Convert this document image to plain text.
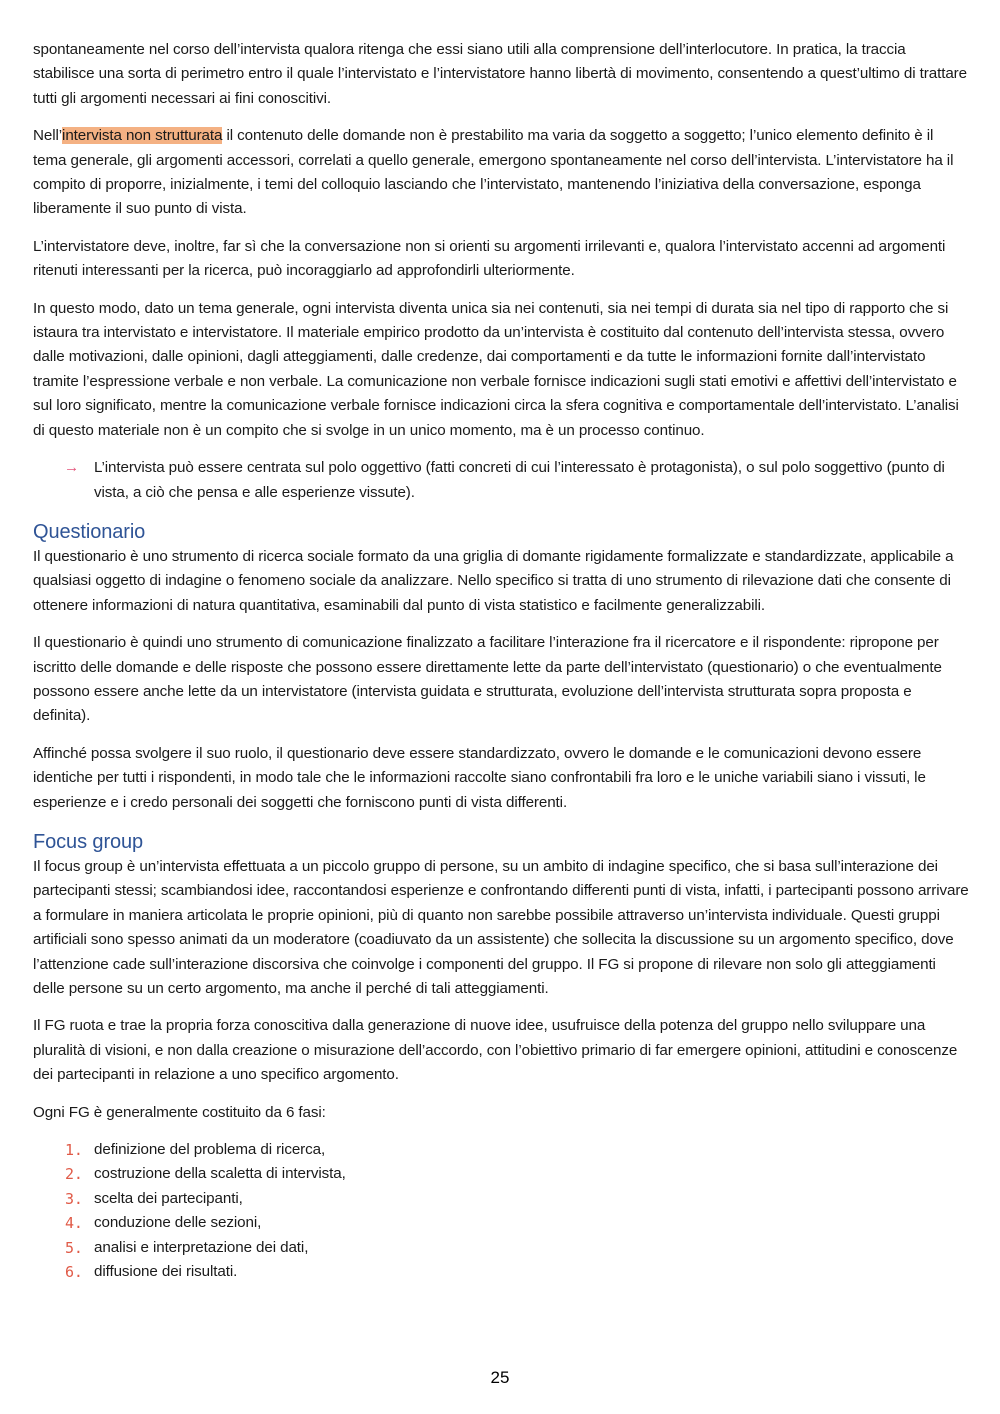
spontaneamente nel corso dell’intervista qualora ritenga che essi siano utili alla comprensione dell’interlocutore. In pratica, la traccia stabilisce una sorta di perimetro entro il quale l’intervistato e l’intervistatore hanno libertà di movimento, consentendo a quest’ultimo di trattare tutti gli argomenti necessari ai fini conoscitivi.

Nell’intervista non strutturata il contenuto delle domande non è prestabilito ma varia da soggetto a soggetto; l’unico elemento definito è il tema generale, gli argomenti accessori, correlati a quello generale, emergono spontaneamente nel corso dell’intervista. L’intervistatore ha il compito di proporre, inizialmente, i temi del colloquio lasciando che l’intervistato, mantenendo l’iniziativa della conversazione, esponga liberamente il suo punto di vista.

L’intervistatore deve, inoltre, far sì che la conversazione non si orienti su argomenti irrilevanti e, qualora l’intervistato accenni ad argomenti ritenuti interessanti per la ricerca, può incoraggiarlo ad approfondirli ulteriormente.

In questo modo, dato un tema generale, ogni intervista diventa unica sia nei contenuti, sia nei tempi di durata sia nel tipo di rapporto che si istaura tra intervistato e intervistatore. Il materiale empirico prodotto da un’intervista è costituito dal contenuto dell’intervista stessa, ovvero dalle motivazioni, dalle opinioni, dagli atteggiamenti, dalle credenze, dai comportamenti e da tutte le informazioni fornite dall’intervistato tramite l’espressione verbale e non verbale. La comunicazione non verbale fornisce indicazioni sugli stati emotivi e affettivi dell’intervistato e sul loro significato, mentre la comunicazione verbale fornisce indicazioni circa la sfera cognitiva e comportamentale dell’intervistato. L’analisi di questo materiale non è un compito che si svolge in un unico momento, ma è un processo continuo.

→ L’intervista può essere centrata sul polo oggettivo (fatti concreti di cui l’interessato è protagonista), o sul polo soggettivo (punto di vista, a ciò che pensa e alle esperienze vissute).
Questionario

Il questionario è uno strumento di ricerca sociale formato da una griglia di domante rigidamente formalizzate e standardizzate, applicabile a qualsiasi oggetto di indagine o fenomeno sociale da analizzare. Nello specifico si tratta di uno strumento di rilevazione dati che consente di ottenere informazioni di natura quantitativa, esaminabili dal punto di vista statistico e facilmente generalizzabili.

Il questionario è quindi uno strumento di comunicazione finalizzato a facilitare l’interazione fra il ricercatore e il rispondente: ripropone per iscritto delle domande e delle risposte che possono essere direttamente lette da parte dell’intervistato (questionario) o che eventualmente possono essere anche lette da un intervistatore (intervista guidata e strutturata, evoluzione dell’intervista strutturata sopra proposta e definita).

Affinché possa svolgere il suo ruolo, il questionario deve essere standardizzato, ovvero le domande e le comunicazioni devono essere identiche per tutti i rispondenti, in modo tale che le informazioni raccolte siano confrontabili fra loro e le uniche variabili siano i vissuti, le esperienze e i credo personali dei soggetti che forniscono punti di vista differenti.

Focus group

Il focus group è un’intervista effettuata a un piccolo gruppo di persone, su un ambito di indagine specifico, che si basa sull’interazione dei partecipanti stessi; scambiandosi idee, raccontandosi esperienze e confrontando differenti punti di vista, infatti, i partecipanti possono arrivare a formulare in maniera articolata le proprie opinioni, più di quanto non sarebbe possibile attraverso un’intervista individuale. Questi gruppi artificiali sono spesso animati da un moderatore (coadiuvato da un assistente) che sollecita la discussione su un argomento specifico, dove l’attenzione cade sull’interazione discorsiva che coinvolge i componenti del gruppo. Il FG si propone di rilevare non solo gli atteggiamenti delle persone su un certo argomento, ma anche il perché di tali atteggiamenti.

Il FG ruota e trae la propria forza conoscitiva dalla generazione di nuove idee, usufruisce della potenza del gruppo nello sviluppare una pluralità di visioni, e non dalla creazione o misurazione dell’accordo, con l’obiettivo primario di far emergere opinioni, attitudini e conoscenze dei partecipanti in relazione a uno specifico argomento.

Ogni FG è generalmente costituito da 6 fasi:

1. definizione del problema di ricerca,
2. costruzione della scaletta di intervista,
3. scelta dei partecipanti,
4. conduzione delle sezioni,
5. analisi e interpretazione dei dati,
6. diffusione dei risultati.
25
